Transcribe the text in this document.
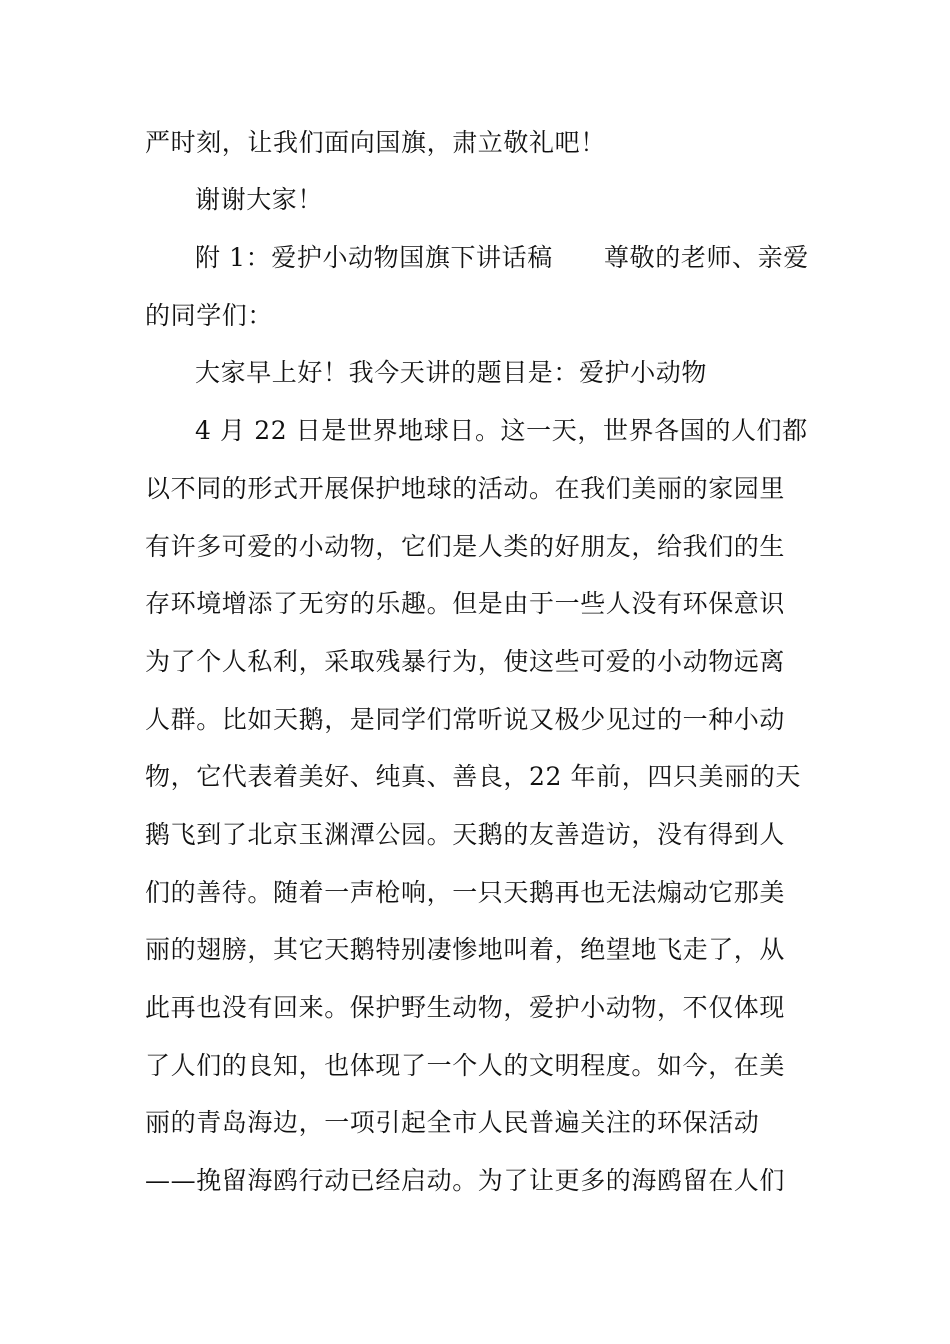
严时刻，让我们面向国旗，肃立敬礼吧！
谢谢大家！
附 1：爱护小动物国旗下讲话稿　　尊敬的老师、亲爱
的同学们：
大家早上好！我今天讲的题目是：爱护小动物
4 月 22 日是世界地球日。这一天，世界各国的人们都
以不同的形式开展保护地球的活动。在我们美丽的家园里
有许多可爱的小动物，它们是人类的好朋友，给我们的生
存环境增添了无穷的乐趣。但是由于一些人没有环保意识
为了个人私利，采取残暴行为，使这些可爱的小动物远离
人群。比如天鹅，是同学们常听说又极少见过的一种小动
物，它代表着美好、纯真、善良，22 年前，四只美丽的天
鹅飞到了北京玉渊潭公园。天鹅的友善造访，没有得到人
们的善待。随着一声枪响，一只天鹅再也无法煽动它那美
丽的翅膀，其它天鹅特别凄惨地叫着，绝望地飞走了，从
此再也没有回来。保护野生动物，爱护小动物，不仅体现
了人们的良知，也体现了一个人的文明程度。如今，在美
丽的青岛海边，一项引起全市人民普遍关注的环保活动
——挽留海鸥行动已经启动。为了让更多的海鸥留在人们
